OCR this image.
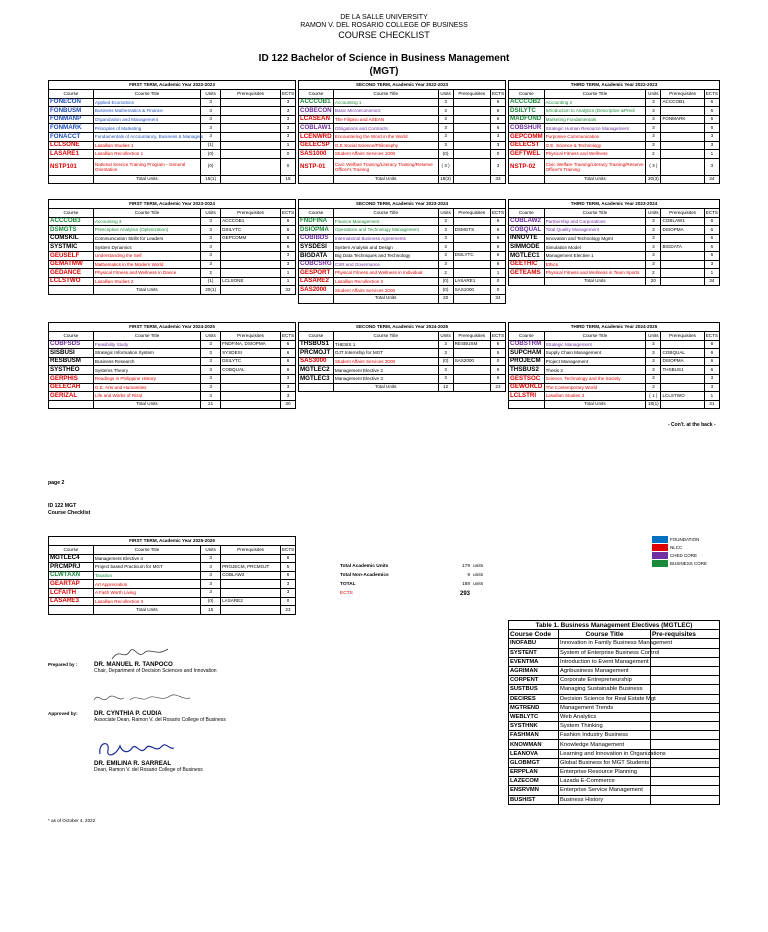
DE LA SALLE UNIVERSITY
RAMON V. DEL ROSARIO COLLEGE OF BUSINESS
COURSE CHECKLIST
ID 122 Bachelor of Science in Business Management
(MGT)
FIRST TERM, Academic Year 2022-2023				
Course	Course Title	Units	Prerequisites	ECTS
FONECON	Applied Economics	3		3
FONBUSM	Business Mathematics & Finance	3		3
FONMANP	Organization and Management	3		3
FONMARK	Principles of Marketing	3		3
FONACCT	Fundamentals of Accountancy, Business & Managem	3		3
LCLSONE	Lasallian Studies 1	(1)		1
LASARE1	Lasallian Recollection 1	(0)		0
NSTP101	National Service Training Program - General Orientation	(0)		0
	Total Units	15(1)		18
SECOND TERM, Academic Year 2022-2023				
Course	Course Title	Units	Prerequisites	ECTS
ACCCOB1	Accounting 1	3		6
COBECON	Basic Microeconomics	3		6
LCASEAN	The Filipino and ASEAN	3		6
COBLAW1	Obligations and Contracts	3		6
LCENWRD	Encountering the Word in the World	3		3
GELECSP	G.E Social Science/Philosophy	3		3
SAS1000	Student Affairs Services 1000	(0)		0
NSTP-01	Civic Welfare Training/Literacy Training/Reserve Officer's Training	( 3 )		3
	Total Units	18(3)		33
THIRD TERM, Academic Year 2022-2023				
Course	Course Title	Units	Prerequisites	ECTS
ACCCOB2	Accounting 2	3	ACCCOB1	6
DSILYTC	Introduction to Analytics (Descriptive &Predi	3		6
MADFUND	Marketing Fundamentals	3	FONMARK	6
COBSHUR	Strategic Human Resource Management	3		6
GEPCOMM	Purposive Communication	3		3
GELECST	G.E. Science & Technology	3		3
GEFTWEL	Physical Fitness and Wellness	2		1
NSTP-02	Civic Welfare Training/Literacy Training/Reserve Officer's Training	( 3 )		3
	Total Units	20(3)		34
FIRST TERM, Academic Year 2023-2024				
Course	Course Title	Units	Prerequisites	ECTS
ACCCOB3	Accounting 3	3	ACCCOB1	6
DSMGTS	Prescriptive Analytics (Optimization)	3	DSILYTC	6
COMSKIL	Communication Skills for Leaders	3	GEPCOMM	6
SYSTMIC	System Dynamics	3		6
GEUSELF	Understanding the Self	3		3
GEMATMW	Mathematics in the Modern World	3		3
GEDANCE	Physical Fitness and Wellness in Dance	2		1
LCLSTWO	Lasallian Studies 2	(1)	LCLSONE	1
	Total Units	20(1)		32
SECOND TERM, Academic Year 2023-2024				
Course	Course Title	Units	Prerequisites	ECTS
FNDFINA	Finance Management	3		6
DSIOPMA	Operations and Technology Management	3	DSMGTS	6
COBIBDS	International Business Agreements	3		6
SYSDESI	System Analysis and Design	3		6
BIGDATA	Big Data Techniques and Technology	3	DSILYTC	6
COBCSRG	CSR and Governance	3		6
GESPORT	Physical Fitness and Wellness in Individual	2		1
LASARE2	Lasallian Recollection 2	(0)	LASARE1	0
SAS2000	Student Affairs Services 2000	(0)	SAS1000	0
	Total Units	20		34
THIRD TERM, Academic Year 2023-2024				
Course	Course Title	Units	Prerequisites	ECTS
COBLAW2	Partnership and Corporations	3	COBLAW1	6
COBQUAL	Total Quality Management	3	DSIOPMA	6
INNOVTE	Innovation and Technology Mgmt	3		6
SIMMODE	Simulation Model	3	BIGDATA	6
MGTLEC1	Management Elective 1	3		6
GEETHIC	Ethics	3		3
GETEAMS	Physical Fitness and Wellness in Team Sports	2		1
	Total Units	20		34
FIRST TERM, Academic Year 2024-2025				
Course	Course Title	Units	Prerequisites	ECTS
COBFSDS	Feasibility Study	3	FNDFINA, DSIOPMA	6
SISBUSI	Strategic Information System	3	SYSDESI	6
RESBUSM	Business Research	3	DSILYTC	6
SYSTHEO	Systems Theory	3	COBQUAL	6
GERPHIS	Readings in Philippine History	3		3
GELECAH	G.E. Arts and Humanities	3		3
GERIZAL	Life and Works of Rizal	3		3
	Total Units	21		30
SECOND TERM, Academic Year 2024-2025				
Course	Course Title	Units	Prerequisites	ECTS
THSBUS1	THESIS 1	3	RESBUSM	6
PRCMOJT	OJT Internship for MGT	3		5
SAS3000	Student Affairs Services 3000	(0)	SAS2000	0
MGTLEC2	Management Elective 2	3		6
MGTLEC3	Management Elective 3	3		6
	Total Units	12		23
THIRD TERM, Academic Year 2024-2025				
Course	Course Title	Units	Prerequisites	ECTS
COBSTRM	Strategic Management	3		6
SUPCHAM	Supply Chain Management	3	COBQUAL	6
PROJECM	Project Management	3	DSIOPMA	6
THSBUS2	Thesis 2	3	THSBUS1	6
GESTSOC	Science, Technology and the Society	3		3
GEWORLD	The Contemporary World	3		3
LCLSTRI	Lasallian Studies 3	( 1 )	LCLSTWO	1
	Total Units	18(1)		31
FIRST TERM, Academic Year 2025-2026				
Course	Course Title	Units	Prerequisites	ECTS
MGTLEC4	Management Elective 4	3		6
PRCMPRJ	Project based Practicum for MGT	3	PROJECM, PRCMOJT	5
CLWTAXN	Taxation	3	COBLAW2	6
GEARTAP	Art Appreciation	3		3
LCFAITH	A Faith Worth Living	3		3
LASARE3	Lasallian Recollection 3	(0)	LASARE2	0
	Total Units	15		23
- Con't. at the back -
page 2
ID 122 MGT
Course Checklist
FOUNDATION
NLCC
CHED CORE
BUSINESS CORE
Total Academic Units	179 units
Total Non-Academics	9 units
TOTAL	188 units
ECTS	293
Table 1. Business Management Electives (MGTLEC)		
Course Code	Course Title	Pre-requisites
INOFABU	Innovation in Family Business Management	
SYSTENT	System of Enterprise Business Control	
EVENTMA	Introduction to Event Management	
AGRIMAN	Agribusiness Management	
CORPENT	Corporate Entrepreneurship	
SUSTBUS	Managing Sustainable Business	
DECIRES	Decision Science for Real Estate Mgt	
MGTREND	Management Trends	
WEBLYTC	Web Analytics	
SYSTHNK	System Thinking	
FASHMAN	Fashion Industry Business	
KNOWMAN	Knowledge Management	
LEANOVA	Learning and Innovation in Organizations	
GLOBMGT	Global Business for MGT Students	
ERPPLAN	Enterprise Resource Planning	
LAZECOM	Lazada E-Commerce	
ENSRVMN	Enterprise Service Management	
BUSHIST	Business History	
Prepared by :	DR. MANUEL R. TANPOCO
Chair, Department of Decision Sciences and Innovation
Approved by:	DR. CYNTHIA P. CUDIA
Associate Dean, Ramon V. del Rosario College of Business
DR. EMILINA R. SARREAL
Dean, Ramon V. del Rosario College of Business
* as of October 4, 2022
